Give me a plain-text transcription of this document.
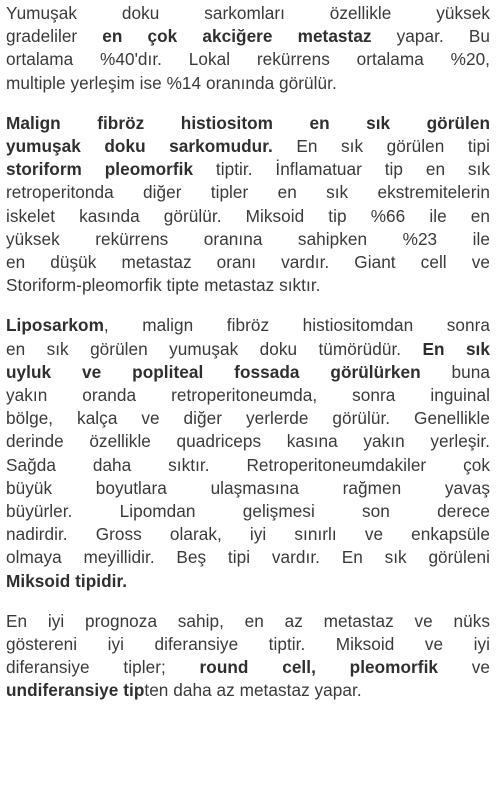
Yumuşak doku sarkomları özellikle yüksek
gradeliler en çok akciğere metastaz yapar. Bu
ortalama %40'dır. Lokal rekürrens ortalama %20,
multiple yerleşim ise %14 oranında görülür.

Malign fibröz histiositom en sık görülen
yumuşak doku sarkomudur. En sık görülen tipi
storiform pleomorfik tiptir. İnflamatuar tip en sık
retroperitonda diğer tipler en sık ekstremitelerin
iskelet kasında görülür. Miksoid tip %66 ile en
yüksek rekürrens oranına sahipken %23 ile
en düşük metastaz oranı vardır. Giant cell ve
Storiform-pleomorfik tipte metastaz sıktır.

Liposarkom, malign fibröz histiositomdan sonra
en sık görülen yumuşak doku tümörüdür. En sık
uyluk ve popliteal fossada görülürken buna
yakın oranda retroperitoneumda, sonra inguinal
bölge, kalça ve diğer yerlerde görülür. Genellikle
derinde özellikle quadriceps kasına yakın yerleşir.
Sağda daha sıktır. Retroperitoneumdakiler çok
büyük boyutlara ulaşmasına rağmen yavaş
büyürler. Lipomdan gelişmesi son derece
nadirdir. Gross olarak, iyi sınırlı ve enkapsüle
olmaya meyillidir. Beş tipi vardır. En sık görüleni
Miksoid tipidir.

En iyi prognoza sahip, en az metastaz ve nüks
göstereni iyi diferansiye tiptir. Miksoid ve iyi
diferansiye tipler; round cell, pleomorfik ve
undiferansiye tipten daha az metastaz yapar.
